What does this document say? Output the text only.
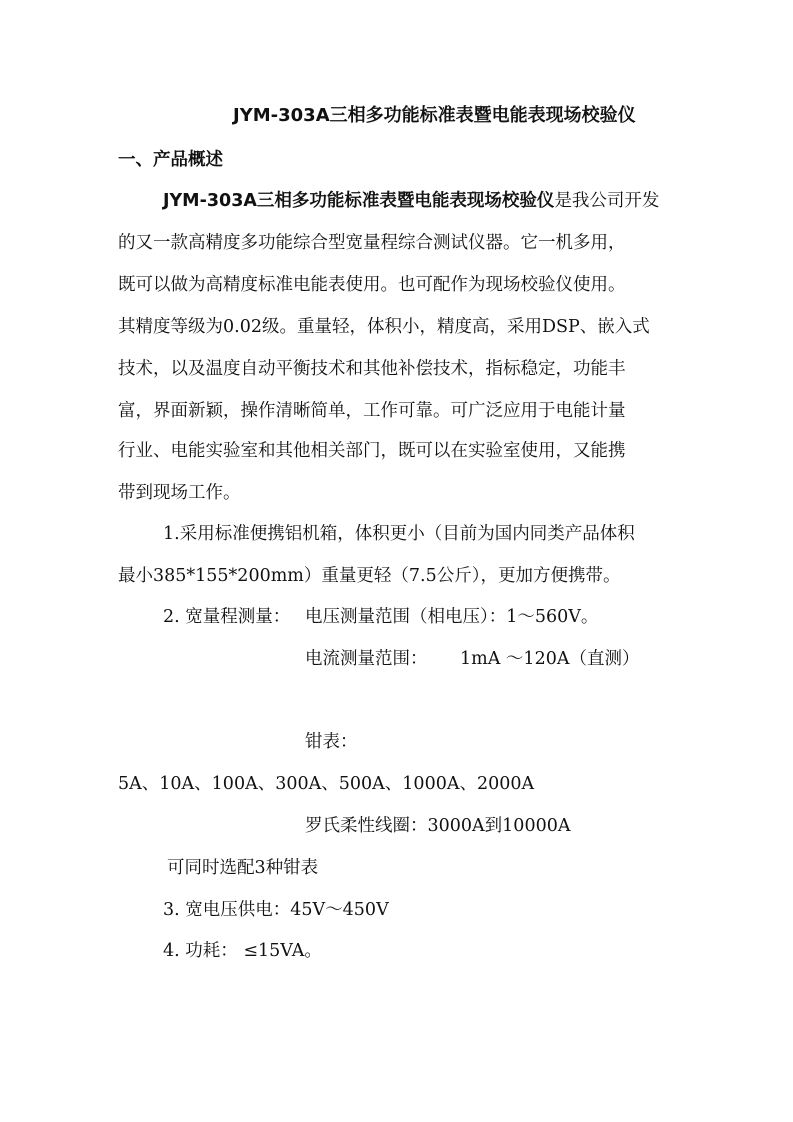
JYM-303A三相多功能标准表暨电能表现场校验仪
一、产品概述
JYM-303A三相多功能标准表暨电能表现场校验仪是我公司开发
的又一款高精度多功能综合型宽量程综合测试仪器。它一机多用，
既可以做为高精度标准电能表使用。也可配作为现场校验仪使用。
其精度等级为0.02级。重量轻，体积小，精度高，采用DSP、嵌入式
技术，以及温度自动平衡技术和其他补偿技术，指标稳定，功能丰
富，界面新颖，操作清晰简单，工作可靠。可广泛应用于电能计量
行业、电能实验室和其他相关部门，既可以在实验室使用，又能携
带到现场工作。
1.采用标准便携铝机箱，体积更小（目前为国内同类产品体积
最小385*155*200mm）重量更轻（7.5公斤），更加方便携带。
2. 宽量程测量： 电压测量范围（相电压）：1～560V。
电流测量范围： 1mA ～120A（直测）
钳表：
5A、10A、100A、300A、500A、1000A、2000A
罗氏柔性线圈：3000A到10000A
可同时选配3种钳表
3. 宽电压供电：45V～450V
4. 功耗： ≤15VA。
